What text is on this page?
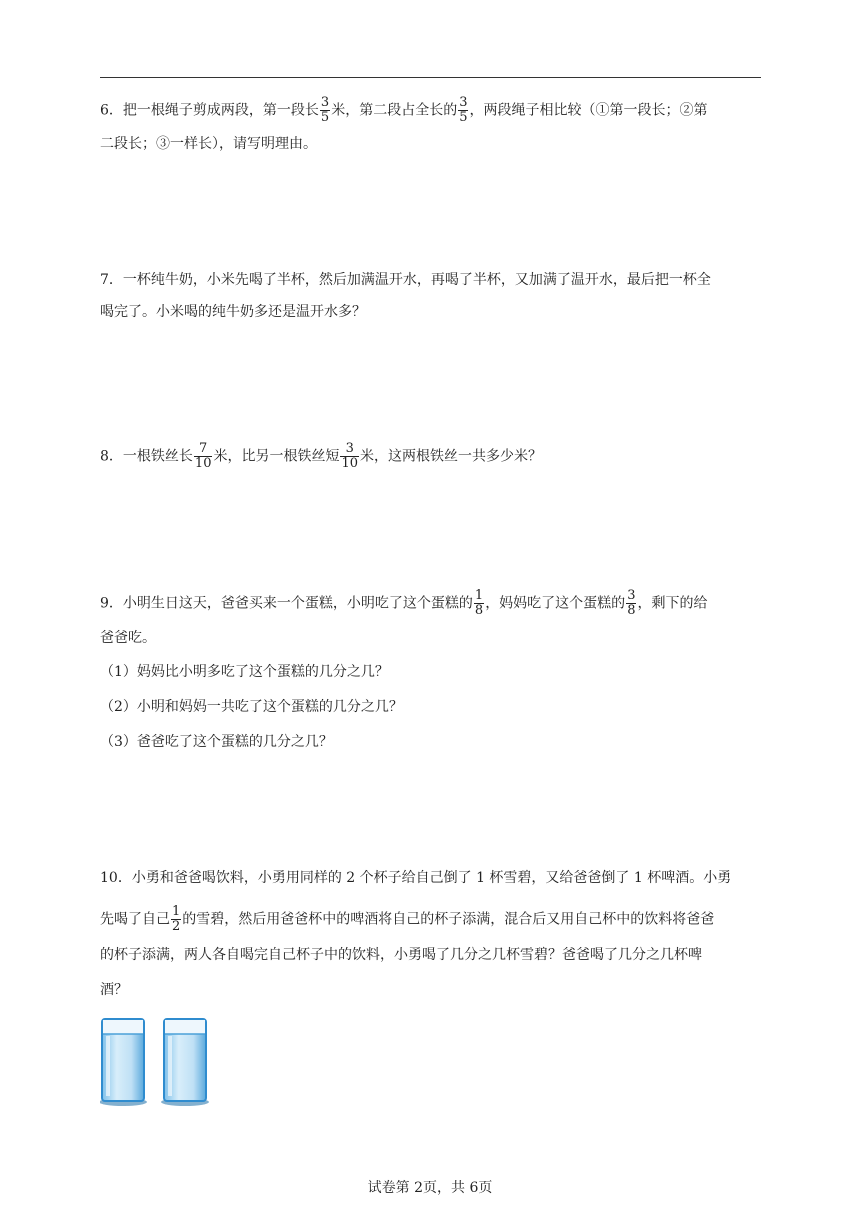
6．把一根绳子剪成两段，第一段长 $\frac{3}{5}$ 米，第二段占全长的 $\frac{3}{5}$ ，两段绳子相比较（①第一段长；②第
二段长；③一样长），请写明理由。
7．一杯纯牛奶，小米先喝了半杯，然后加满温开水，再喝了半杯，又加满了温开水，最后把一杯全
喝完了。小米喝的纯牛奶多还是温开水多？
8．一根铁丝长 $\frac{7}{10}$ 米，比另一根铁丝短 $\frac{3}{10}$ 米，这两根铁丝一共多少米？
9．小明生日这天，爸爸买来一个蛋糕，小明吃了这个蛋糕的 $\frac{1}{8}$ ，妈妈吃了这个蛋糕的 $\frac{3}{8}$ ，剩下的给
爸爸吃。
（1）妈妈比小明多吃了这个蛋糕的几分之几？
（2）小明和妈妈一共吃了这个蛋糕的几分之几？
（3）爸爸吃了这个蛋糕的几分之几？
10．小勇和爸爸喝饮料，小勇用同样的 2 个杯子给自己倒了 1 杯雪碧，又给爸爸倒了 1 杯啤酒。小勇
先喝了自己 $\frac{1}{2}$ 的雪碧，然后用爸爸杯中的啤酒将自己的杯子添满，混合后又用自己杯中的饮料将爸爸
的杯子添满，两人各自喝完自己杯子中的饮料，小勇喝了几分之几杯雪碧？爸爸喝了几分之几杯啤
酒？
试卷第 2页，共 6页
